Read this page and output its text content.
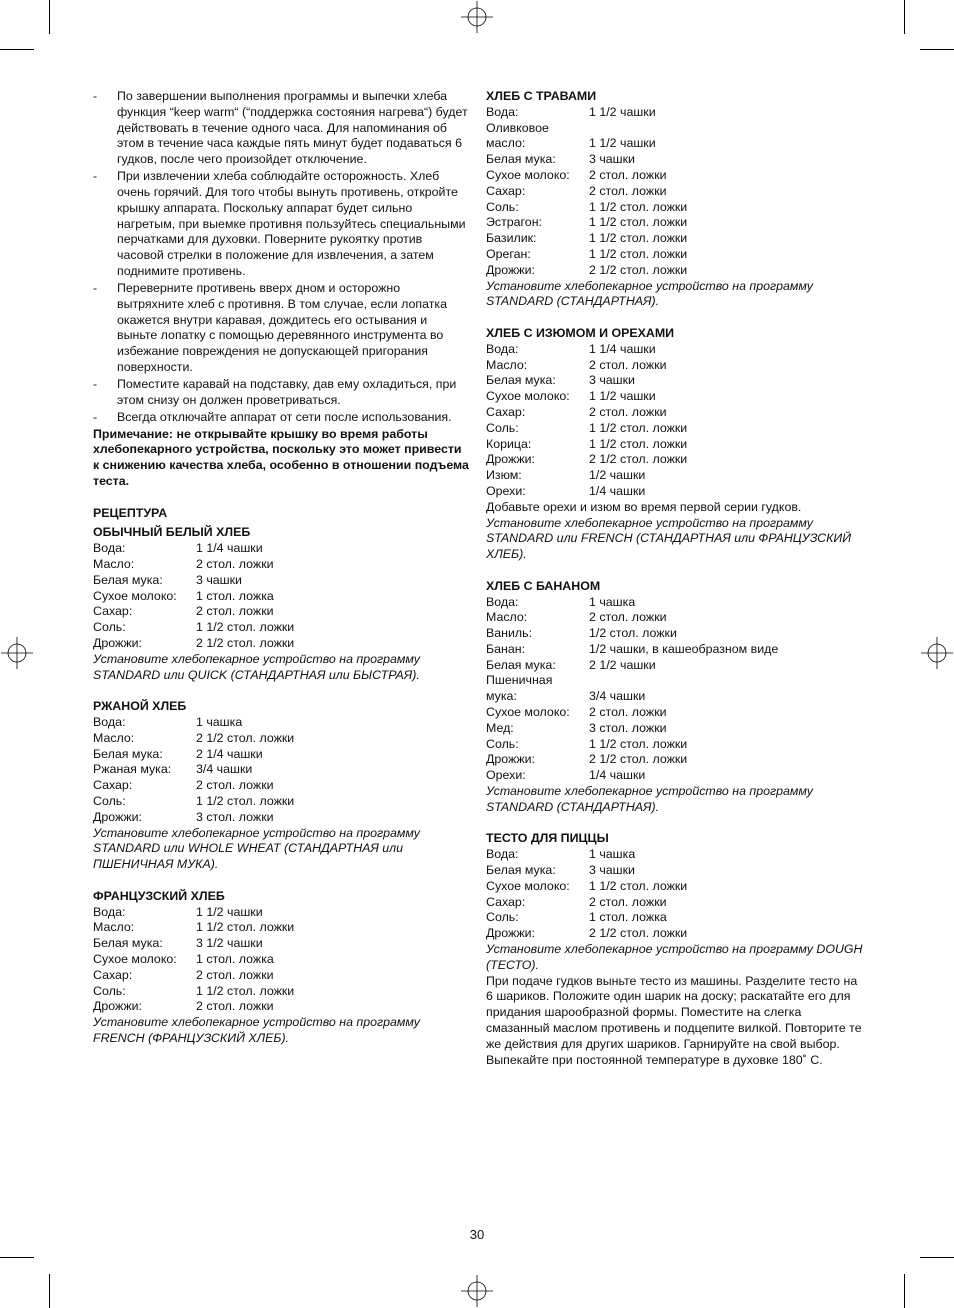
- По завершении выполнения программы и выпечки хлеба функция “keep warm“ (“поддержка состояния нагрева“) будет действовать в течение одного часа. Для напоминания об этом в течение часа каждые пять минут будет подаваться 6 гудков, после чего произойдет отключение.
- При извлечении хлеба соблюдайте осторожность. Хлеб очень горячий. Для того чтобы вынуть противень, откройте крышку аппарата. Поскольку аппарат будет сильно нагретым, при выемке противня пользуйтесь специальными перчатками для духовки. Поверните рукоятку против часовой стрелки в положение для извлечения, а затем поднимите противень.
- Переверните противень вверх дном и осторожно вытряхните хлеб с противня. В том случае, если лопатка окажется внутри каравая, дождитесь его остывания и выньте лопатку с помощью деревянного инструмента во избежание повреждения не допускающей пригорания поверхности.
- Поместите каравай на подставку, дав ему охладиться, при этом снизу он должен проветриваться.
- Всегда отключайте аппарат от сети после использования.
Примечание: не открывайте крышку во время работы хлебопекарного устройства, поскольку это может привести к снижению качества хлеба, особенно в отношении подъема теста.
РЕЦЕПТУРА
ОБЫЧНЫЙ БЕЛЫЙ ХЛЕБ
Вода:	1 1/4 чашки
Масло:	2 стол. ложки
Белая мука:	3 чашки
Сухое молоко:	1 стол. ложка
Сахар:	2 стол. ложки
Соль:	1 1/2 стол. ложки
Дрожжи:	2 1/2 стол. ложки
Установите хлебопекарное устройство на программу STANDARD или QUICK (СТАНДАРТНАЯ или БЫСТРАЯ).
РЖАНОЙ ХЛЕБ
Вода:	1 чашка
Масло:	2 1/2 стол. ложки
Белая мука:	2 1/4 чашки
Ржаная мука:	3/4 чашки
Сахар:	2 стол. ложки
Соль:	1 1/2 стол. ложки
Дрожжи:	3 стол. ложки
Установите хлебопекарное устройство на программу STANDARD или WHOLE WHEAT (СТАНДАРТНАЯ или ПШЕНИЧНАЯ МУКА).
ФРАНЦУЗСКИЙ ХЛЕБ
Вода:	1 1/2 чашки
Масло:	1 1/2 стол. ложки
Белая мука:	3 1/2 чашки
Сухое молоко:	1 стол. ложка
Сахар:	2 стол. ложки
Соль:	1 1/2 стол. ложки
Дрожжи:	2 стол. ложки
Установите хлебопекарное устройство на программу FRENCH (ФРАНЦУЗСКИЙ ХЛЕБ).
ХЛЕБ С ТРАВАМИ
Вода:	1 1/2 чашки
Оливковое
масло:	1 1/2 чашки
Белая мука:	3 чашки
Сухое молоко:	2 стол. ложки
Сахар:	2 стол. ложки
Соль:	1 1/2 стол. ложки
Эстрагон:	1 1/2 стол. ложки
Базилик:	1 1/2 стол. ложки
Ореган:	1 1/2 стол. ложки
Дрожжи:	2 1/2 стол. ложки
Установите хлебопекарное устройство на программу STANDARD (СТАНДАРТНАЯ).
ХЛЕБ С ИЗЮМОМ И ОРЕХАМИ
Вода:	1 1/4 чашки
Масло:	2 стол. ложки
Белая мука:	3 чашки
Сухое молоко:	1 1/2 чашки
Сахар:	2 стол. ложки
Соль:	1 1/2 стол. ложки
Корица:	1 1/2 стол. ложки
Дрожжи:	2 1/2 стол. ложки
Изюм:	1/2 чашки
Орехи:	1/4 чашки
Добавьте орехи и изюм во время первой серии гудков.
Установите хлебопекарное устройство на программу STANDARD или FRENCH (СТАНДАРТНАЯ или ФРАНЦУЗСКИЙ ХЛЕБ).
ХЛЕБ С БАНАНОМ
Вода:	1 чашка
Масло:	2 стол. ложки
Ваниль:	1/2 стол. ложки
Банан:	1/2 чашки, в кашеобразном виде
Белая мука:	2 1/2 чашки
Пшеничная
мука:	3/4 чашки
Сухое молоко:	2 стол. ложки
Мед:	3 стол. ложки
Соль:	1 1/2 стол. ложки
Дрожжи:	2 1/2 стол. ложки
Орехи:	1/4 чашки
Установите хлебопекарное устройство на программу STANDARD (СТАНДАРТНАЯ).
ТЕСТО ДЛЯ ПИЦЦЫ
Вода:	1 чашка
Белая мука:	3 чашки
Сухое молоко:	1 1/2 стол. ложки
Сахар:	2 стол. ложки
Соль:	1 стол. ложка
Дрожжи:	2 1/2 стол. ложки
Установите хлебопекарное устройство на программу DOUGH (ТЕСТО).
При подаче гудков выньте тесто из машины. Разделите тесто на 6 шариков. Положите один шарик на доску; раскатайте его для придания шарообразной формы. Поместите на слегка смазанный маслом противень и подцепите вилкой. Повторите те же действия для других шариков. Гарнируйте на свой выбор. Выпекайте при постоянной температуре в духовке 180˚ С.
30
